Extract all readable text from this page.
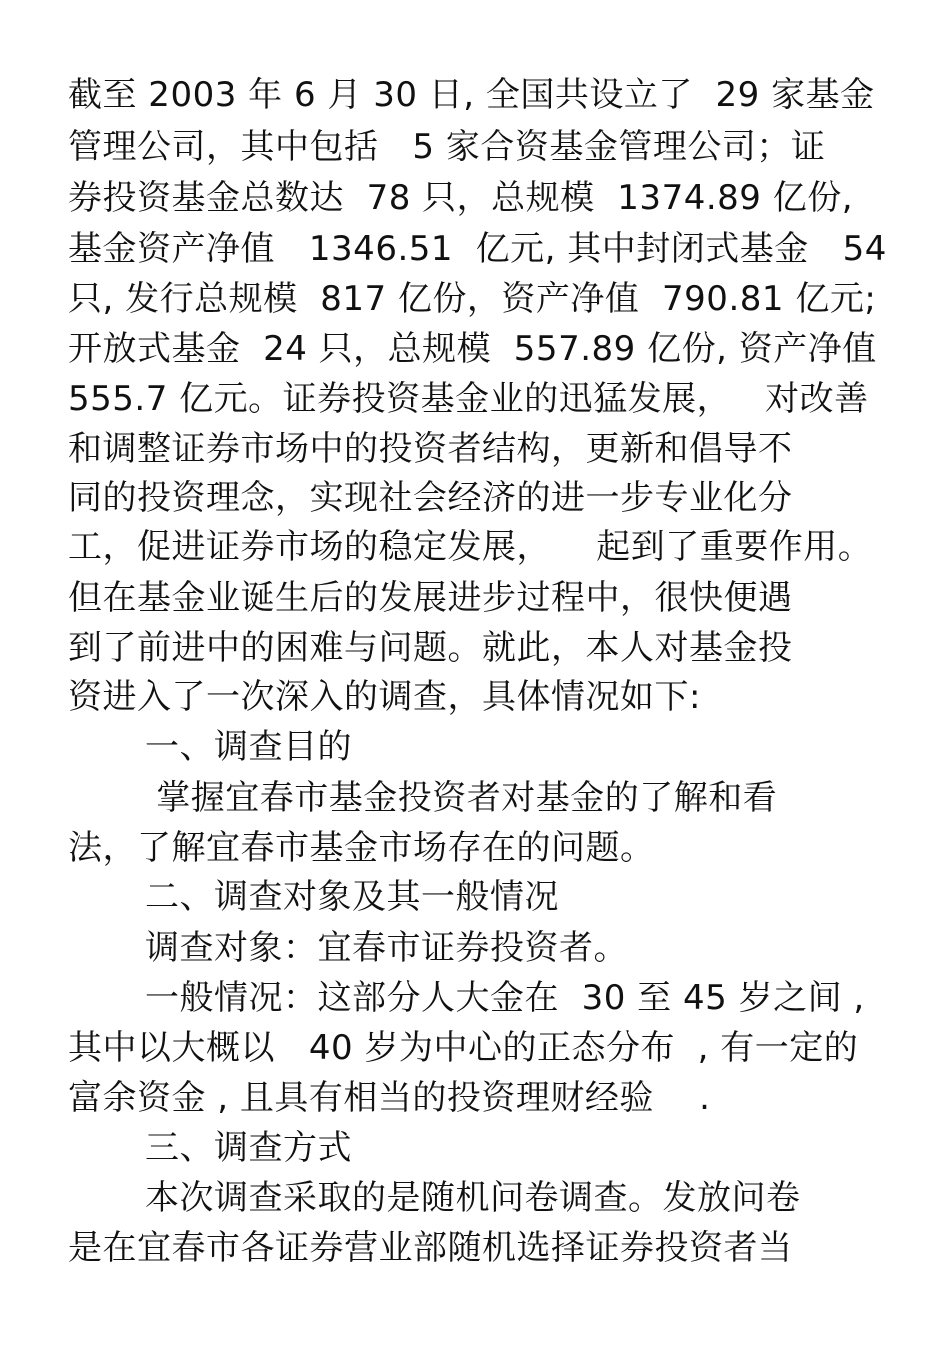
截至 2003 年 6 月 30 日, 全国共设立了  29 家基金
管理公司，其中包括   5 家合资基金管理公司；证
券投资基金总数达  78 只，总规模  1374.89 亿份,
基金资产净值   1346.51  亿元, 其中封闭式基金   54
只, 发行总规模  817 亿份，资产净值  790.81 亿元;
开放式基金  24 只，总规模  557.89 亿份, 资产净值
555.7 亿元。证券投资基金业的迅猛发展，   对改善
和调整证券市场中的投资者结构，更新和倡导不
同的投资理念，实现社会经济的进一步专业化分
工，促进证券市场的稳定发展，    起到了重要作用。
但在基金业诞生后的发展进步过程中，很快便遇
到了前进中的困难与问题。就此，本人对基金投
资进入了一次深入的调查，具体情况如下:
一、调查目的
掌握宜春市基金投资者对基金的了解和看
法，了解宜春市基金市场存在的问题。
二、调查对象及其一般情况
调查对象：宜春市证券投资者。
一般情况：这部分人大金在  30 至 45 岁之间 ,
其中以大概以   40 岁为中心的正态分布  , 有一定的
富余资金 , 且具有相当的投资理财经验    .
三、调查方式
本次调查采取的是随机问卷调查。发放问卷
是在宜春市各证券营业部随机选择证券投资者当
